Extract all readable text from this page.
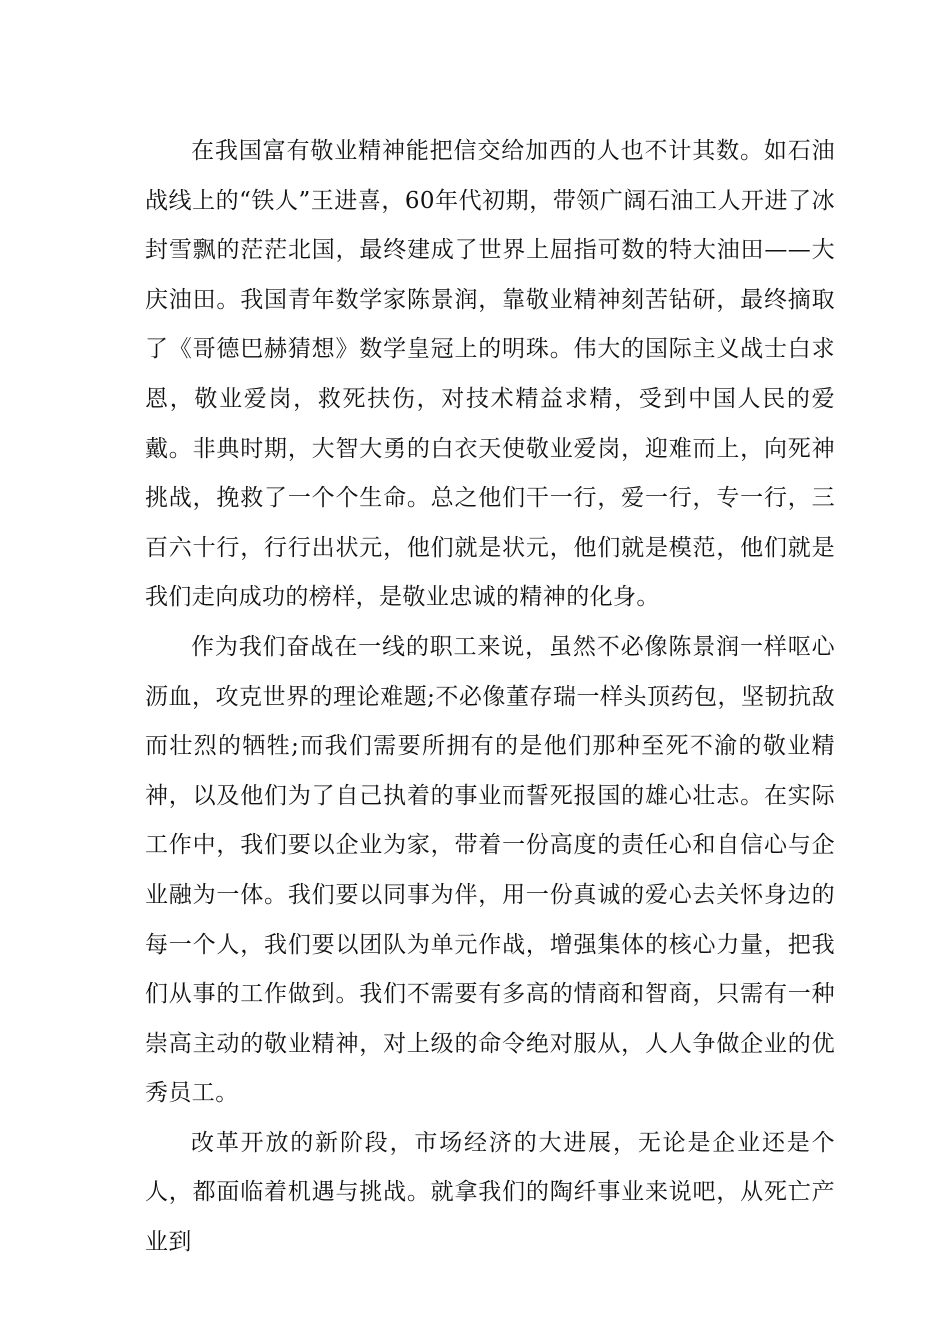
在我国富有敬业精神能把信交给加西的人也不计其数。如石油战线上的“铁人”王进喜，60年代初期，带领广阔石油工人开进了冰封雪飘的茫茫北国，最终建成了世界上屈指可数的特大油田——大庆油田。我国青年数学家陈景润，靠敬业精神刻苦钻研，最终摘取了《哥德巴赫猜想》数学皇冠上的明珠。伟大的国际主义战士白求恩，敬业爱岗，救死扶伤，对技术精益求精，受到中国人民的爱戴。非典时期，大智大勇的白衣天使敬业爱岗，迎难而上，向死神挑战，挽救了一个个生命。总之他们干一行，爱一行，专一行，三百六十行，行行出状元，他们就是状元，他们就是模范，他们就是我们走向成功的榜样，是敬业忠诚的精神的化身。

作为我们奋战在一线的职工来说，虽然不必像陈景润一样呕心沥血，攻克世界的理论难题;不必像董存瑞一样头顶药包，坚韧抗敌而壮烈的牺牲;而我们需要所拥有的是他们那种至死不渝的敬业精神，以及他们为了自己执着的事业而誓死报国的雄心壮志。在实际工作中，我们要以企业为家，带着一份高度的责任心和自信心与企业融为一体。我们要以同事为伴，用一份真诚的爱心去关怀身边的每一个人，我们要以团队为单元作战，增强集体的核心力量，把我们从事的工作做到。我们不需要有多高的情商和智商，只需有一种崇高主动的敬业精神，对上级的命令绝对服从，人人争做企业的优秀员工。

改革开放的新阶段，市场经济的大进展，无论是企业还是个人，都面临着机遇与挑战。就拿我们的陶纤事业来说吧，从死亡产业到
